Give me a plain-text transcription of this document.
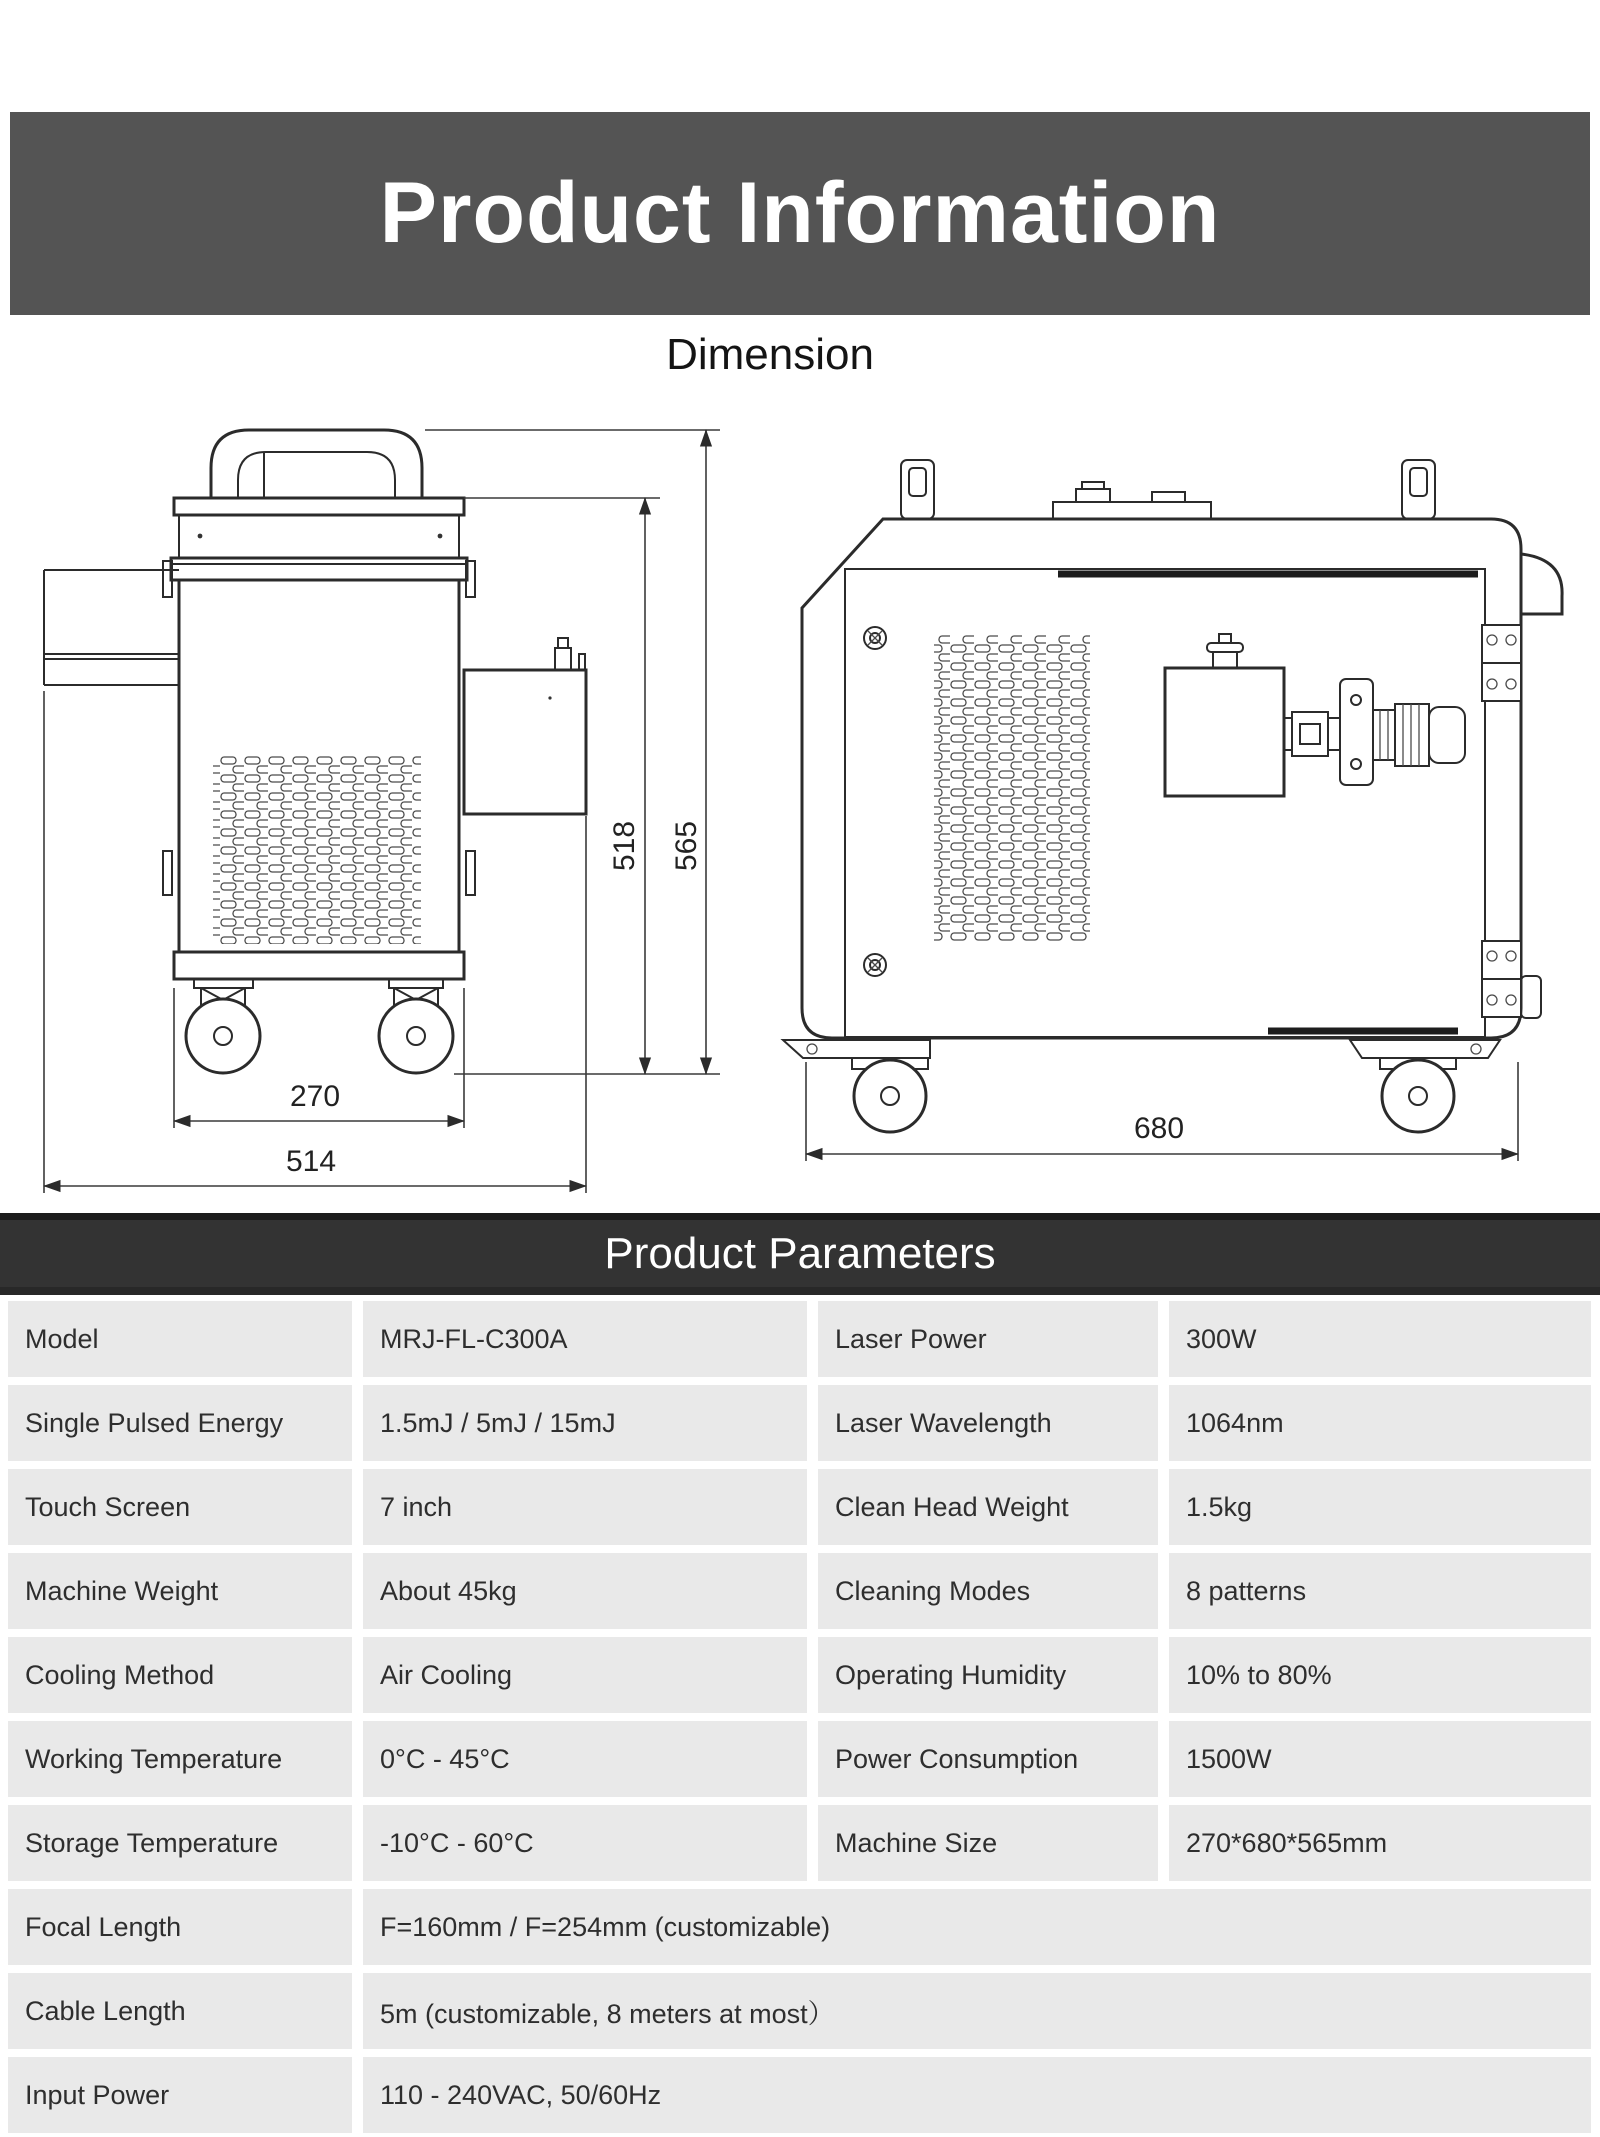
Product Information
Dimension
518 565
270
514
680
Product Parameters
Model	MRJ-FL-C300A	Laser Power	300W
Single Pulsed Energy	1.5mJ / 5mJ / 15mJ	Laser Wavelength	1064nm
Touch Screen	7 inch	Clean Head Weight	1.5kg
Machine Weight	About 45kg	Cleaning Modes	8 patterns
Cooling Method	Air Cooling	Operating Humidity	10% to 80%
Working Temperature	0°C - 45°C	Power Consumption	1500W
Storage Temperature	-10°C - 60°C	Machine Size	270*680*565mm
Focal Length	F=160mm / F=254mm (customizable)
Cable Length	5m (customizable, 8 meters at most）
Input Power	110 - 240VAC, 50/60Hz
